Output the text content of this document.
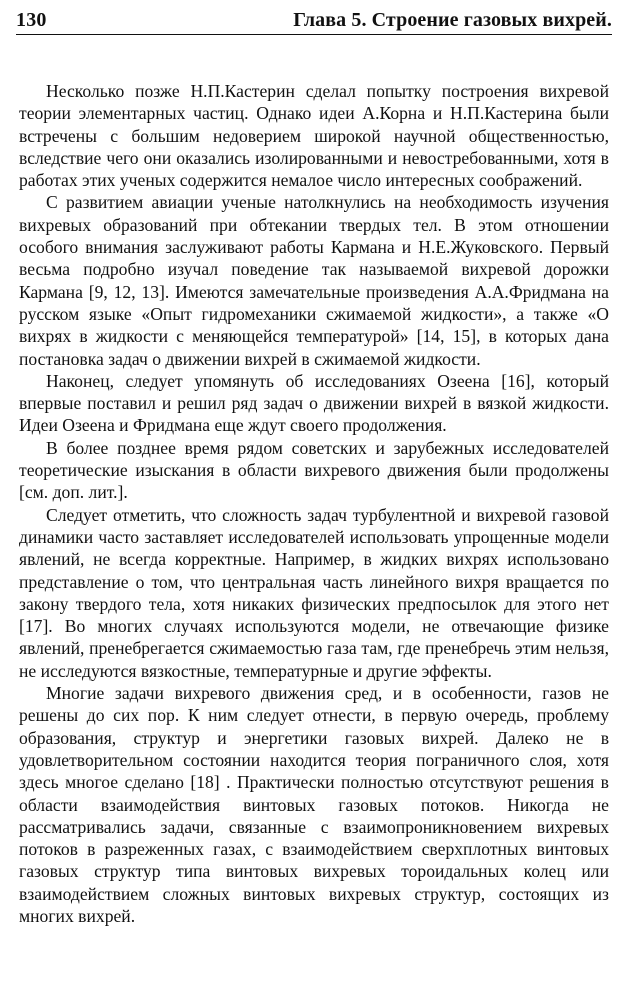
130	Глава 5. Строение газовых вихрей.

Несколько позже Н.П.Кастерин сделал попытку построения вихревой теории элементарных частиц. Однако идеи А.Корна и Н.П.Кастерина были встречены с большим недоверием широкой научной общественностью, вследствие чего они оказались изолированными и невостребованными, хотя в работах этих ученых содержится немалое число интересных соображений.

С развитием авиации ученые натолкнулись на необходимость изучения вихревых образований при обтекании твердых тел. В этом отношении особого внимания заслуживают работы Кармана и Н.Е.Жуковского. Первый весьма подробно изучал поведение так называемой вихревой дорожки Кармана [9, 12, 13]. Имеются замечательные произведения А.А.Фридмана на русском языке «Опыт гидромеханики сжимаемой жидкости», а также «О вихрях в жидкости с меняющейся температурой» [14, 15], в которых дана постановка задач о движении вихрей в сжимаемой жидкости.

Наконец, следует упомянуть об исследованиях Озеена [16], который впервые поставил и решил ряд задач о движении вихрей в вязкой жидкости. Идеи Озеена и Фридмана еще ждут своего продолжения.

В более позднее время рядом советских и зарубежных исследователей теоретические изыскания в области вихревого движения были продолжены [см. доп. лит.].

Следует отметить, что сложность задач турбулентной и вихревой газовой динамики часто заставляет исследователей использовать упрощенные модели явлений, не всегда корректные. Например, в жидких вихрях использовано представление о том, что центральная часть линейного вихря вращается по закону твердого тела, хотя никаких физических предпосылок для этого нет [17]. Во многих случаях используются модели, не отвечающие физике явлений, пренебрегается сжимаемостью газа там, где пренебречь этим нельзя, не исследуются вязкостные, температурные и другие эффекты.

Многие задачи вихревого движения сред, и в особенности, газов не решены до сих пор. К ним следует отнести, в первую очередь, проблему образования, структур и энергетики газовых вихрей. Далеко не в удовлетворительном состоянии находится теория пограничного слоя, хотя здесь многое сделано [18] . Практически полностью отсутствуют решения в области взаимодействия винтовых газовых потоков. Никогда не рассматривались задачи, связанные с взаимопроникновением вихревых потоков в разреженных газах, с взаимодействием сверхплотных винтовых газовых структур типа винтовых вихревых тороидальных колец или взаимодействием сложных винтовых вихревых структур, состоящих из многих вихрей.
